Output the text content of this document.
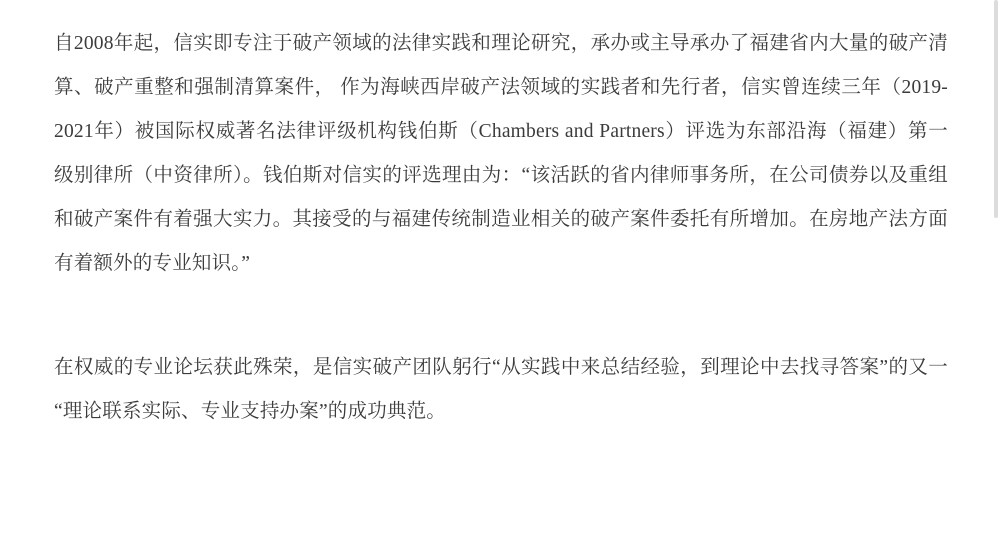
自2008年起，信实即专注于破产领域的法律实践和理论研究，承办或主导承办了福建省内大量的破产清算、破产重整和强制清算案件， 作为海峡西岸破产法领域的实践者和先行者，信实曾连续三年（2019-2021年）被国际权威著名法律评级机构钱伯斯（Chambers and Partners）评选为东部沿海（福建）第一级别律所（中资律所）。钱伯斯对信实的评选理由为：“该活跃的省内律师事务所，在公司债券以及重组和破产案件有着强大实力。其接受的与福建传统制造业相关的破产案件委托有所增加。在房地产法方面有着额外的专业知识。”

在权威的专业论坛获此殊荣，是信实破产团队躬行“从实践中来总结经验，到理论中去找寻答案”的又一“理论联系实际、专业支持办案”的成功典范。
